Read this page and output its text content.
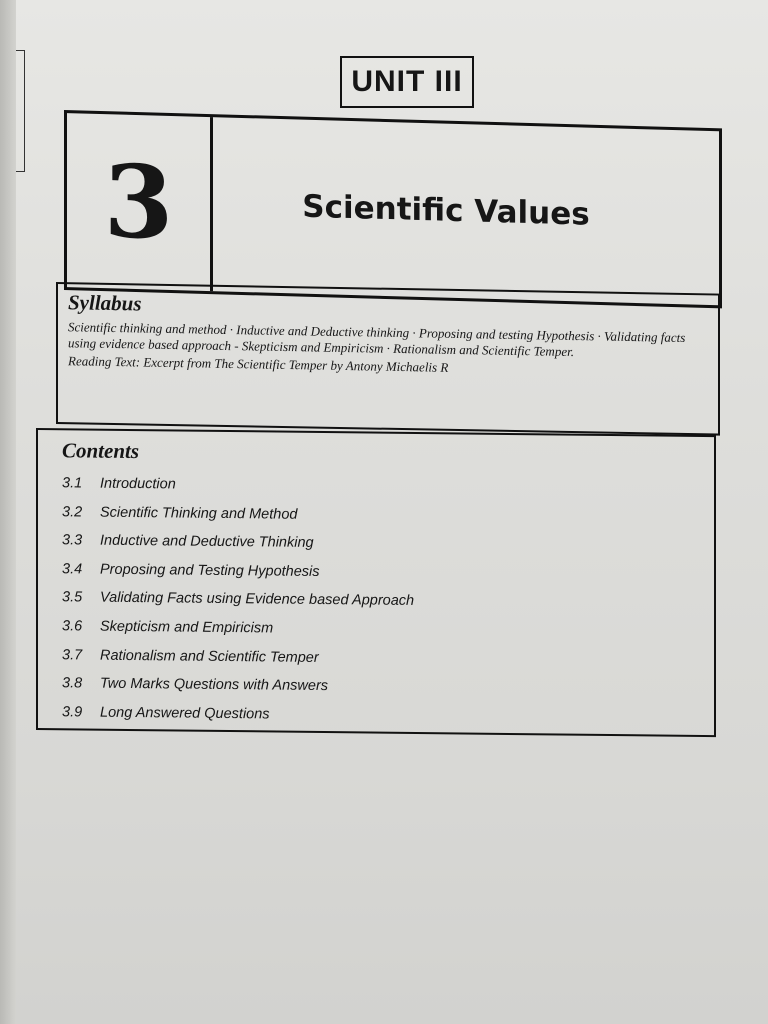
UNIT III
3	Scientific Values
Syllabus

Scientific thinking and method · Inductive and Deductive thinking · Proposing and testing Hypothesis · Validating facts using evidence based approach - Skepticism and Empiricism · Rationalism and Scientific Temper.

Reading Text: Excerpt from The Scientific Temper by Antony Michaelis R

Contents
3.1	Introduction
3.2	Scientific Thinking and Method
3.3	Inductive and Deductive Thinking
3.4	Proposing and Testing Hypothesis
3.5	Validating Facts using Evidence based Approach
3.6	Skepticism and Empiricism
3.7	Rationalism and Scientific Temper
3.8	Two Marks Questions with Answers
3.9	Long Answered Questions
